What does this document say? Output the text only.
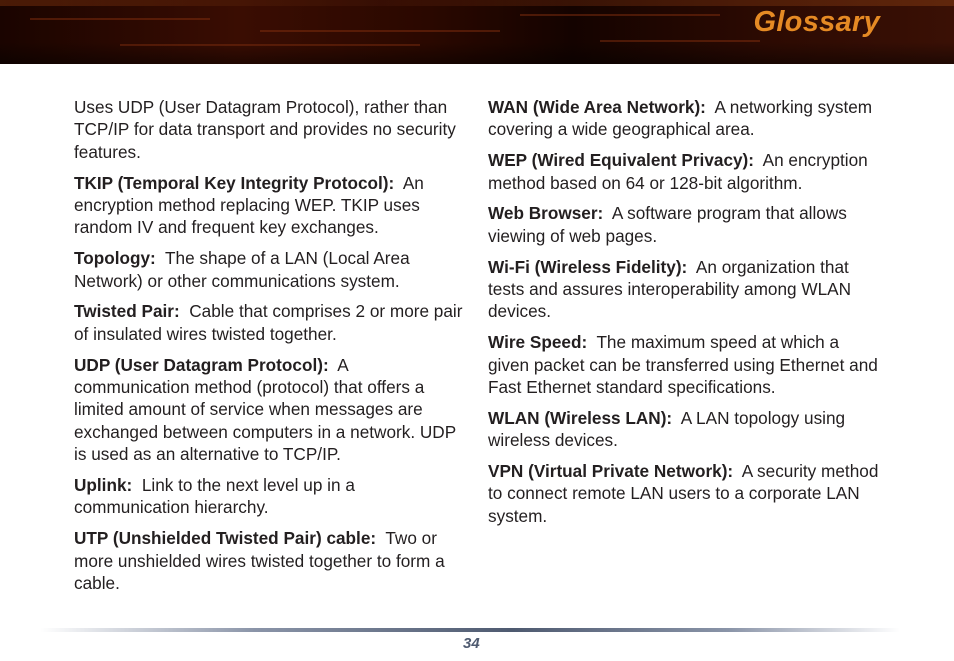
Glossary
Uses UDP (User Datagram Protocol), rather than TCP/IP for data transport and provides no security features.
TKIP (Temporal Key Integrity Protocol): An encryption method replacing WEP. TKIP uses random IV and frequent key exchanges.
Topology: The shape of a LAN (Local Area Network) or other communications system.
Twisted Pair: Cable that comprises 2 or more pair of insulated wires twisted together.
UDP (User Datagram Protocol): A communication method (protocol) that offers a limited amount of service when messages are exchanged between computers in a network. UDP is used as an alternative to TCP/IP.
Uplink: Link to the next level up in a communication hierarchy.
UTP (Unshielded Twisted Pair) cable: Two or more unshielded wires twisted together to form a cable.
WAN (Wide Area Network): A networking system covering a wide geographical area.
WEP (Wired Equivalent Privacy): An encryption method based on 64 or 128-bit algorithm.
Web Browser: A software program that allows viewing of web pages.
Wi-Fi (Wireless Fidelity): An organization that tests and assures interoperability among WLAN devices.
Wire Speed: The maximum speed at which a given packet can be transferred using Ethernet and Fast Ethernet standard specifications.
WLAN (Wireless LAN): A LAN topology using wireless devices.
VPN (Virtual Private Network): A security method to connect remote LAN users to a corporate LAN system.
34
